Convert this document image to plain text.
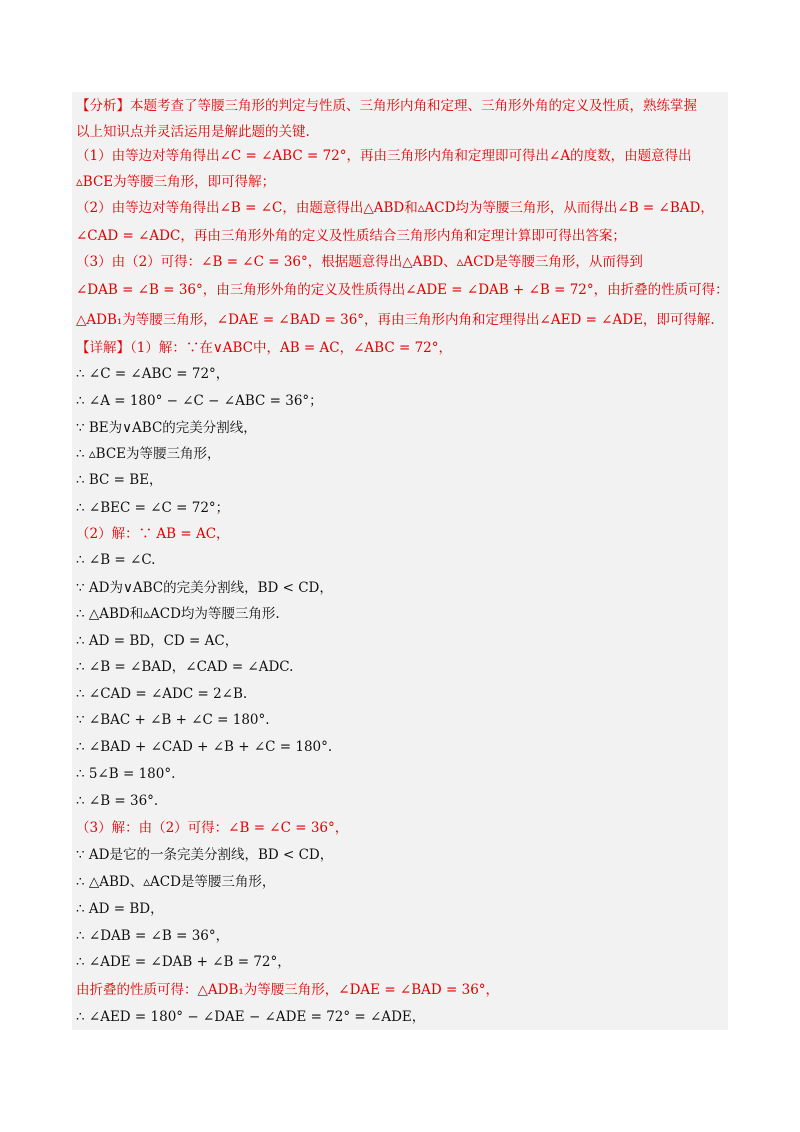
【分析】本题考查了等腰三角形的判定与性质、三角形内角和定理、三角形外角的定义及性质，熟练掌握
以上知识点并灵活运用是解此题的关键.
（1）由等边对等角得出∠C = ∠ABC = 72°，再由三角形内角和定理即可得出∠A的度数，由题意得出
▵BCE为等腰三角形，即可得解；
（2）由等边对等角得出∠B = ∠C，由题意得出△ABD和▵ACD均为等腰三角形，从而得出∠B = ∠BAD，
∠CAD = ∠ADC，再由三角形外角的定义及性质结合三角形内角和定理计算即可得出答案；
（3）由（2）可得：∠B = ∠C = 36°，根据题意得出△ABD、▵ACD是等腰三角形，从而得到
∠DAB = ∠B = 36°，由三角形外角的定义及性质得出∠ADE = ∠DAB + ∠B = 72°，由折叠的性质可得：
△ADB₁为等腰三角形，∠DAE = ∠BAD = 36°，再由三角形内角和定理得出∠AED = ∠ADE，即可得解.
【详解】（1）解：∵在∨ABC中，AB = AC，∠ABC = 72°，
∴ ∠C = ∠ABC = 72°，
∴ ∠A = 180° − ∠C − ∠ABC = 36°；
∵ BE为∨ABC的完美分割线，
∴ ▵BCE为等腰三角形，
∴ BC = BE，
∴ ∠BEC = ∠C = 72°；
（2）解：∵ AB = AC，
∴ ∠B = ∠C.
∵ AD为∨ABC的完美分割线，BD < CD，
∴ △ABD和▵ACD均为等腰三角形.
∴ AD = BD，CD = AC，
∴ ∠B = ∠BAD，∠CAD = ∠ADC.
∴ ∠CAD = ∠ADC = 2∠B.
∵ ∠BAC + ∠B + ∠C = 180°.
∴ ∠BAD + ∠CAD + ∠B + ∠C = 180°.
∴ 5∠B = 180°.
∴ ∠B = 36°.
（3）解：由（2）可得：∠B = ∠C = 36°，
∵ AD是它的一条完美分割线，BD < CD，
∴ △ABD、▵ACD是等腰三角形，
∴ AD = BD，
∴ ∠DAB = ∠B = 36°，
∴ ∠ADE = ∠DAB + ∠B = 72°，
由折叠的性质可得：△ADB₁为等腰三角形，∠DAE = ∠BAD = 36°，
∴ ∠AED = 180° − ∠DAE − ∠ADE = 72° = ∠ADE，
